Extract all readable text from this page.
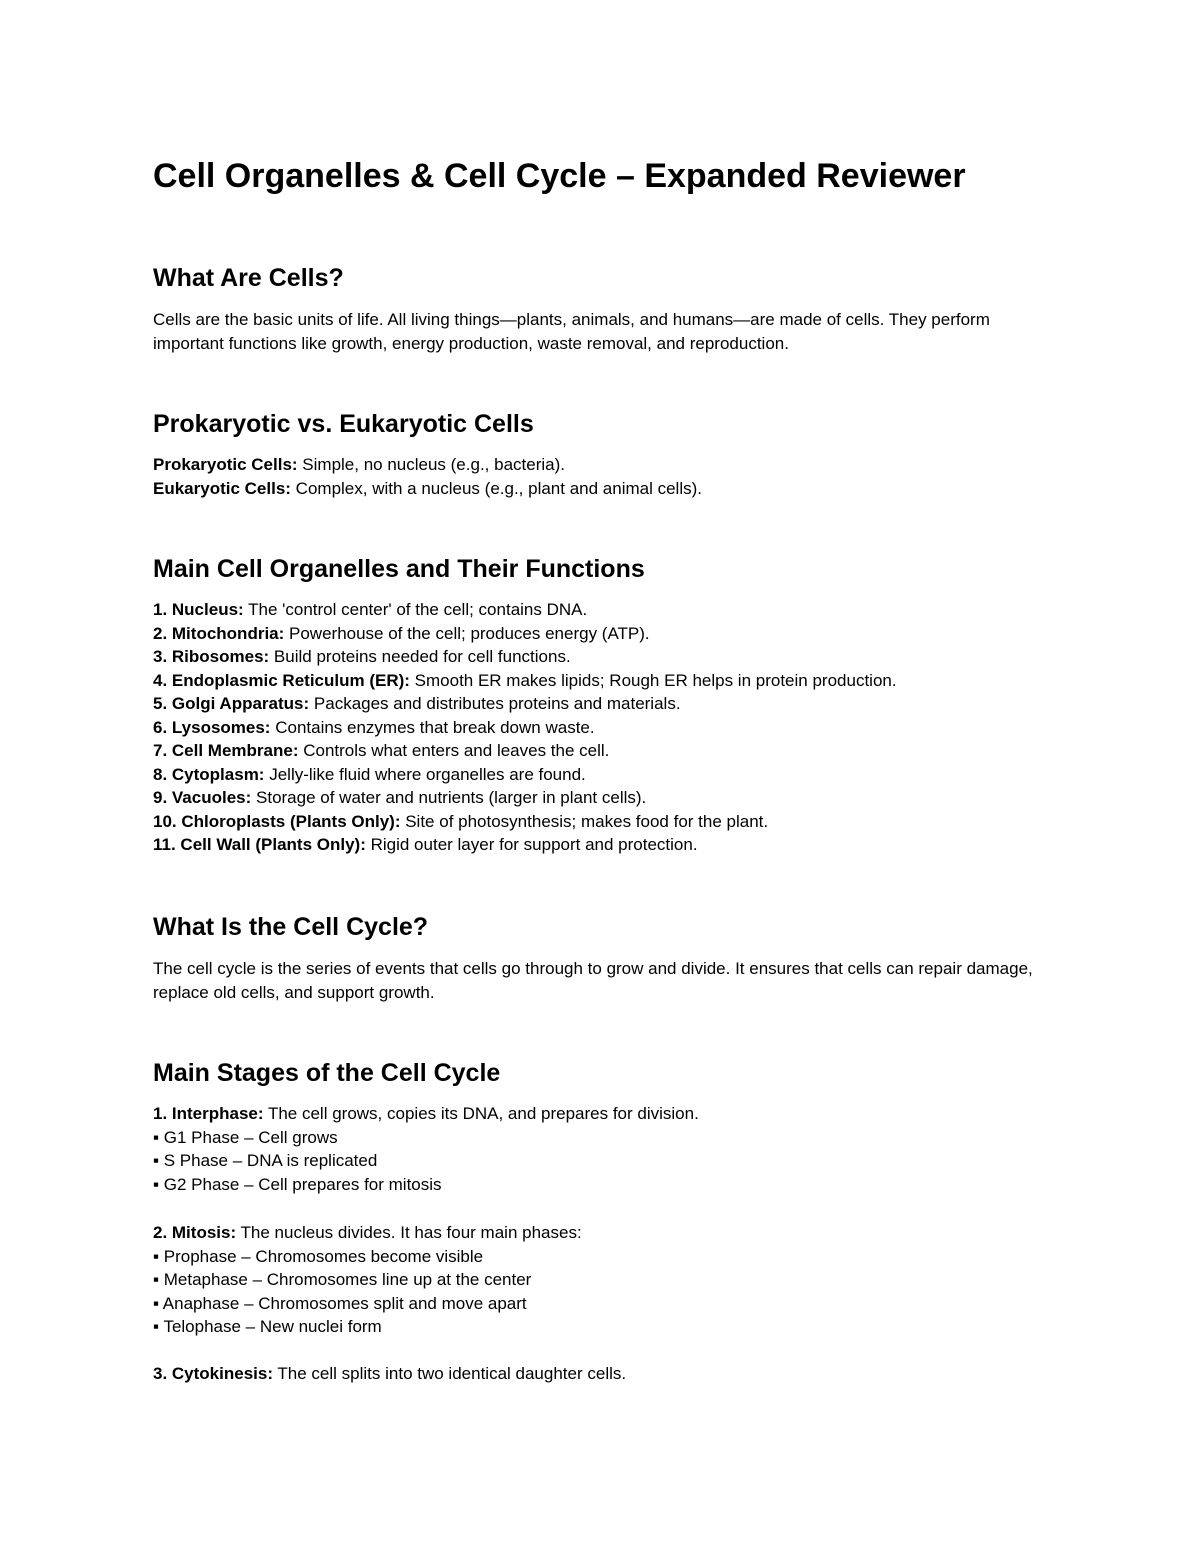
Cell Organelles & Cell Cycle – Expanded Reviewer
What Are Cells?

Cells are the basic units of life. All living things—plants, animals, and humans—are made of cells. They perform important functions like growth, energy production, waste removal, and reproduction.

Prokaryotic vs. Eukaryotic Cells
Prokaryotic Cells: Simple, no nucleus (e.g., bacteria).
Eukaryotic Cells: Complex, with a nucleus (e.g., plant and animal cells).
Main Cell Organelles and Their Functions
1. Nucleus: The 'control center' of the cell; contains DNA.
2. Mitochondria: Powerhouse of the cell; produces energy (ATP).
3. Ribosomes: Build proteins needed for cell functions.
4. Endoplasmic Reticulum (ER): Smooth ER makes lipids; Rough ER helps in protein production.
5. Golgi Apparatus: Packages and distributes proteins and materials.
6. Lysosomes: Contains enzymes that break down waste.
7. Cell Membrane: Controls what enters and leaves the cell.
8. Cytoplasm: Jelly-like fluid where organelles are found.
9. Vacuoles: Storage of water and nutrients (larger in plant cells).
10. Chloroplasts (Plants Only): Site of photosynthesis; makes food for the plant.
11. Cell Wall (Plants Only): Rigid outer layer for support and protection.
What Is the Cell Cycle?

The cell cycle is the series of events that cells go through to grow and divide. It ensures that cells can repair damage, replace old cells, and support growth.

Main Stages of the Cell Cycle
1. Interphase: The cell grows, copies its DNA, and prepares for division.
▪ G1 Phase – Cell grows
▪ S Phase – DNA is replicated
▪ G2 Phase – Cell prepares for mitosis
2. Mitosis: The nucleus divides. It has four main phases:
▪ Prophase – Chromosomes become visible
▪ Metaphase – Chromosomes line up at the center
▪ Anaphase – Chromosomes split and move apart
▪ Telophase – New nuclei form
3. Cytokinesis: The cell splits into two identical daughter cells.
